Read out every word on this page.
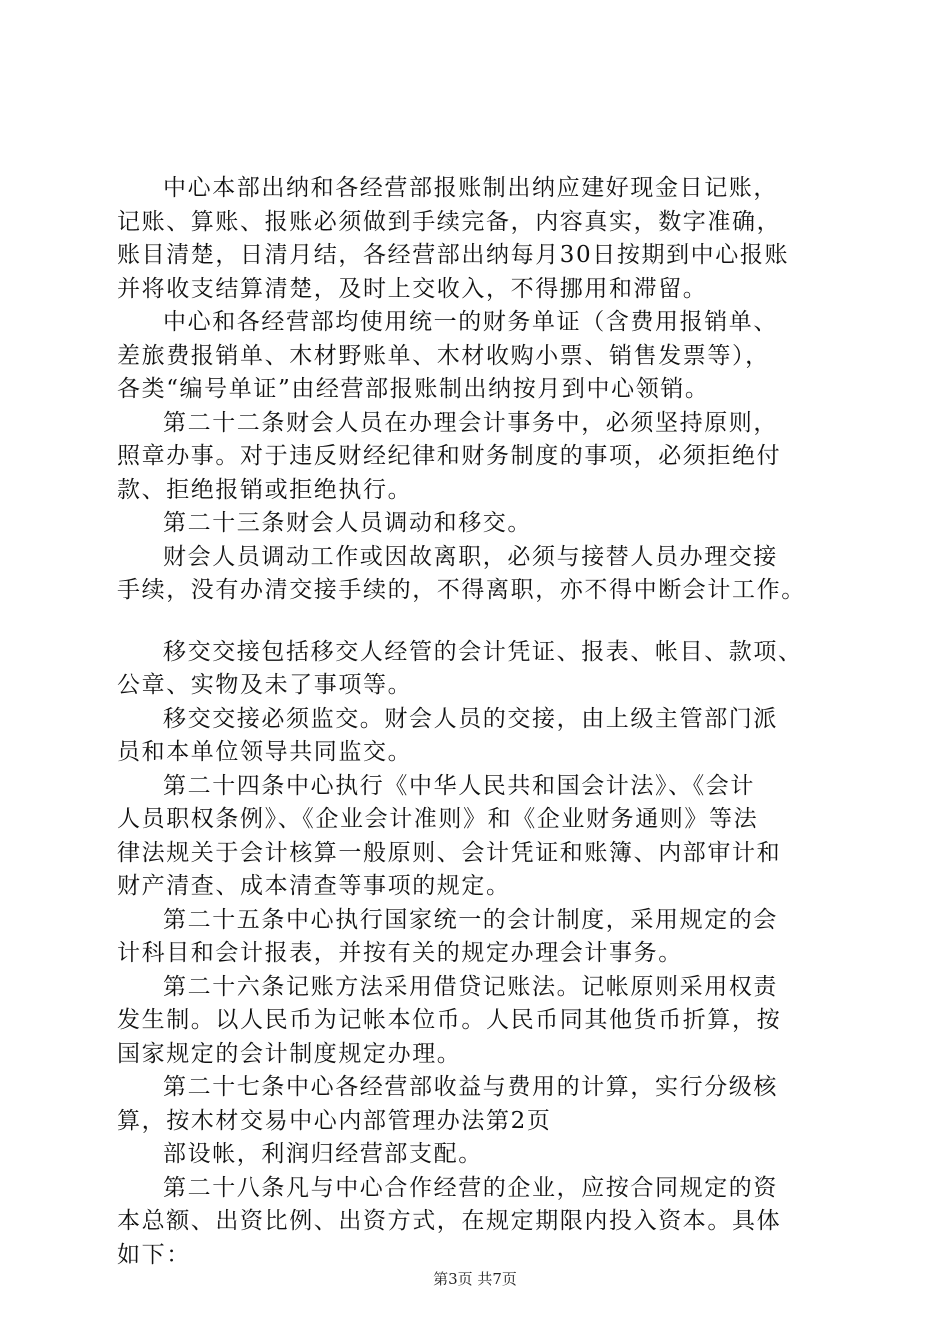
中心本部出纳和各经营部报账制出纳应建好现金日记账，
记账、算账、报账必须做到手续完备，内容真实，数字准确，
账目清楚，日清月结，各经营部出纳每月30日按期到中心报账
并将收支结算清楚，及时上交收入，不得挪用和滞留。

中心和各经营部均使用统一的财务单证（含费用报销单、
差旅费报销单、木材野账单、木材收购小票、销售发票等），
各类“编号单证”由经营部报账制出纳按月到中心领销。

第二十二条财会人员在办理会计事务中，必须坚持原则，
照章办事。对于违反财经纪律和财务制度的事项，必须拒绝付
款、拒绝报销或拒绝执行。

第二十三条财会人员调动和移交。

财会人员调动工作或因故离职，必须与接替人员办理交接
手续，没有办清交接手续的，不得离职，亦不得中断会计工作。

移交交接包括移交人经管的会计凭证、报表、帐目、款项、
公章、实物及未了事项等。

移交交接必须监交。财会人员的交接，由上级主管部门派
员和本单位领导共同监交。

第二十四条中心执行《中华人民共和国会计法》、《会计
人员职权条例》、《企业会计准则》和《企业财务通则》等法
律法规关于会计核算一般原则、会计凭证和账簿、内部审计和
财产清查、成本清查等事项的规定。

第二十五条中心执行国家统一的会计制度，采用规定的会
计科目和会计报表，并按有关的规定办理会计事务。

第二十六条记账方法采用借贷记账法。记帐原则采用权责
发生制。以人民币为记帐本位币。人民币同其他货币折算，按
国家规定的会计制度规定办理。

第二十七条中心各经营部收益与费用的计算，实行分级核
算，按木材交易中心内部管理办法第2页

部设帐，利润归经营部支配。

第二十八条凡与中心合作经营的企业，应按合同规定的资
本总额、出资比例、出资方式，在规定期限内投入资本。具体
如下：

第3页 共7页
